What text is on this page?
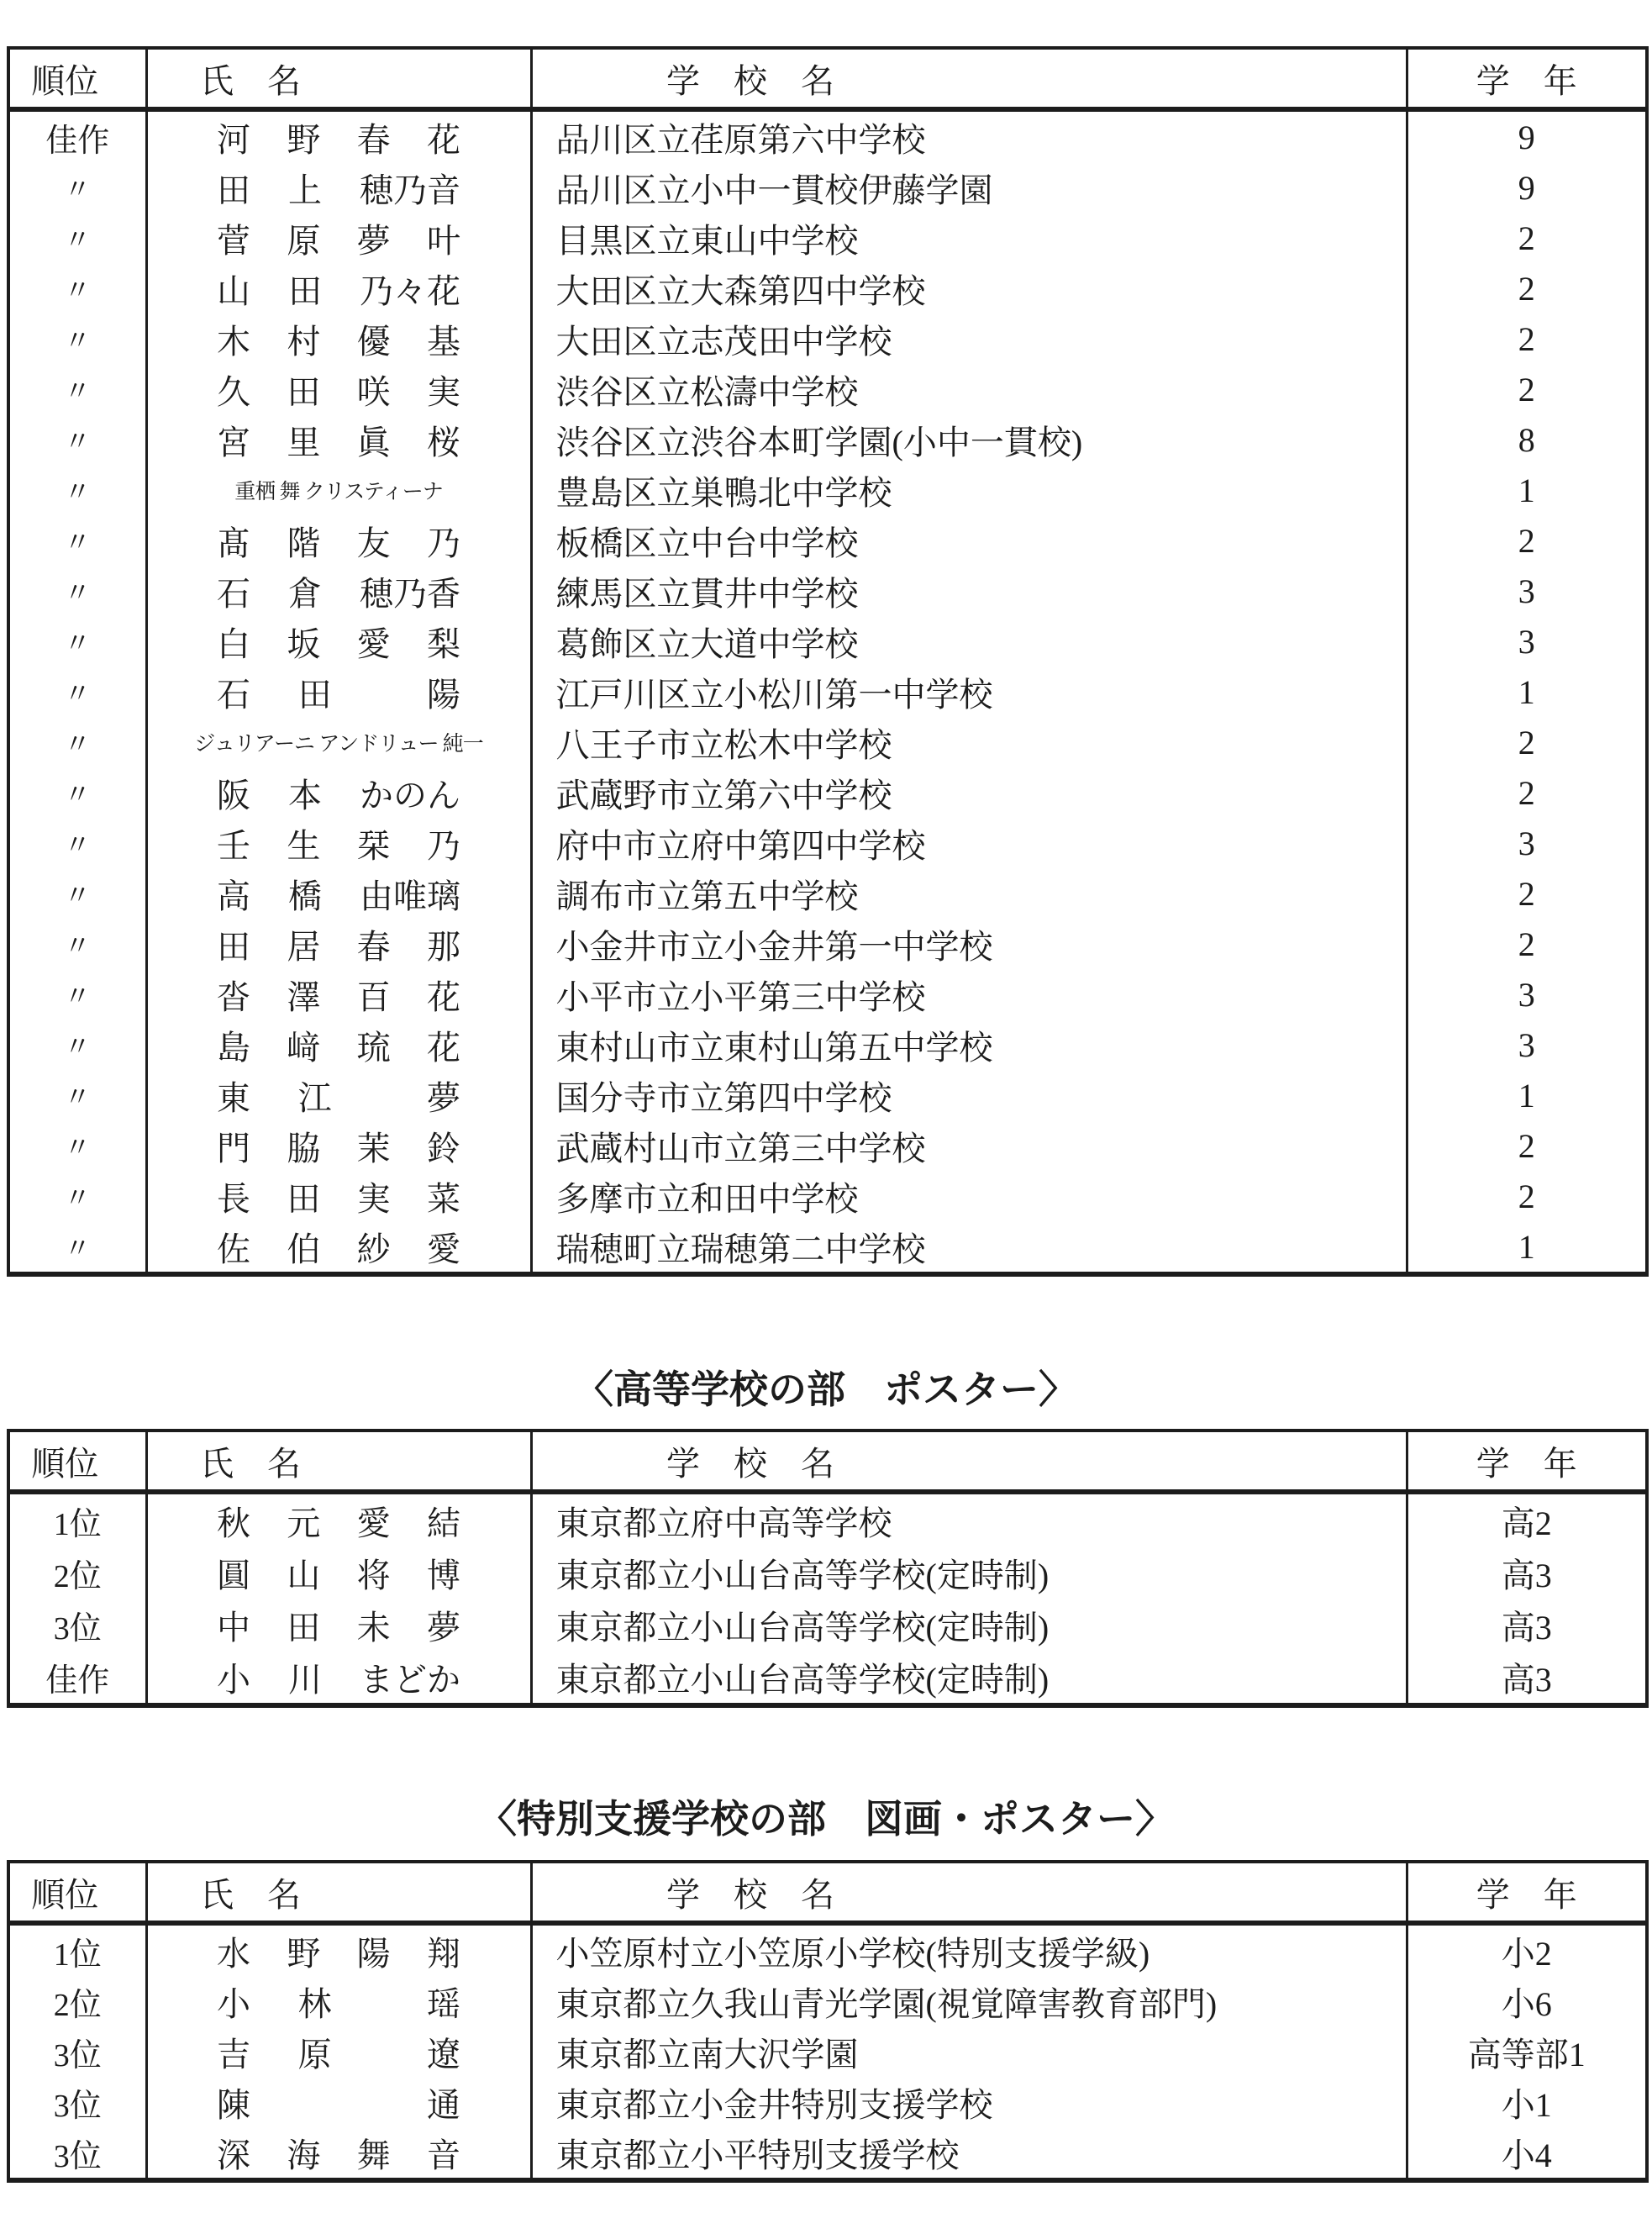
順位	氏　名	学　校　名	学　年
佳作	河 野 春 花	品川区立荏原第六中学校	9
〃	田 上 穂乃音	品川区立小中一貫校伊藤学園	9
〃	菅 原 夢 叶	目黒区立東山中学校	2
〃	山 田 乃々花	大田区立大森第四中学校	2
〃	木 村 優 基	大田区立志茂田中学校	2
〃	久 田 咲 実	渋谷区立松濤中学校	2
〃	宮 里 眞 桜	渋谷区立渋谷本町学園(小中一貫校)	8
〃	重栖 舞 クリスティーナ	豊島区立巣鴨北中学校	1
〃	髙 階 友 乃	板橋区立中台中学校	2
〃	石 倉 穂乃香	練馬区立貫井中学校	3
〃	白 坂 愛 梨	葛飾区立大道中学校	3
〃	石 田 陽	江戸川区立小松川第一中学校	1
〃	ジュリアーニ アンドリュー 純一	八王子市立松木中学校	2
〃	阪 本 かのん	武蔵野市立第六中学校	2
〃	壬 生 栞 乃	府中市立府中第四中学校	3
〃	高 橋 由唯璃	調布市立第五中学校	2
〃	田 居 春 那	小金井市立小金井第一中学校	2
〃	沓 澤 百 花	小平市立小平第三中学校	3
〃	島 﨑 琉 花	東村山市立東村山第五中学校	3
〃	東 江 夢	国分寺市立第四中学校	1
〃	門 脇 茉 鈴	武蔵村山市立第三中学校	2
〃	長 田 実 菜	多摩市立和田中学校	2
〃	佐 伯 紗 愛	瑞穂町立瑞穂第二中学校	1
〈高等学校の部　ポスター〉
順位	氏　名	学　校　名	学　年
1位	秋 元 愛 結	東京都立府中高等学校	高2
2位	圓 山 将 博	東京都立小山台高等学校(定時制)	高3
3位	中 田 未 夢	東京都立小山台高等学校(定時制)	高3
佳作	小 川 まどか	東京都立小山台高等学校(定時制)	高3
〈特別支援学校の部　図画・ポスター〉
順位	氏　名	学　校　名	学　年
1位	水 野 陽 翔	小笠原村立小笠原小学校(特別支援学級)	小2
2位	小 林 瑶	東京都立久我山青光学園(視覚障害教育部門)	小6
3位	吉 原 遼	東京都立南大沢学園	高等部1
3位	陳 通	東京都立小金井特別支援学校	小1
3位	深 海 舞 音	東京都立小平特別支援学校	小4
